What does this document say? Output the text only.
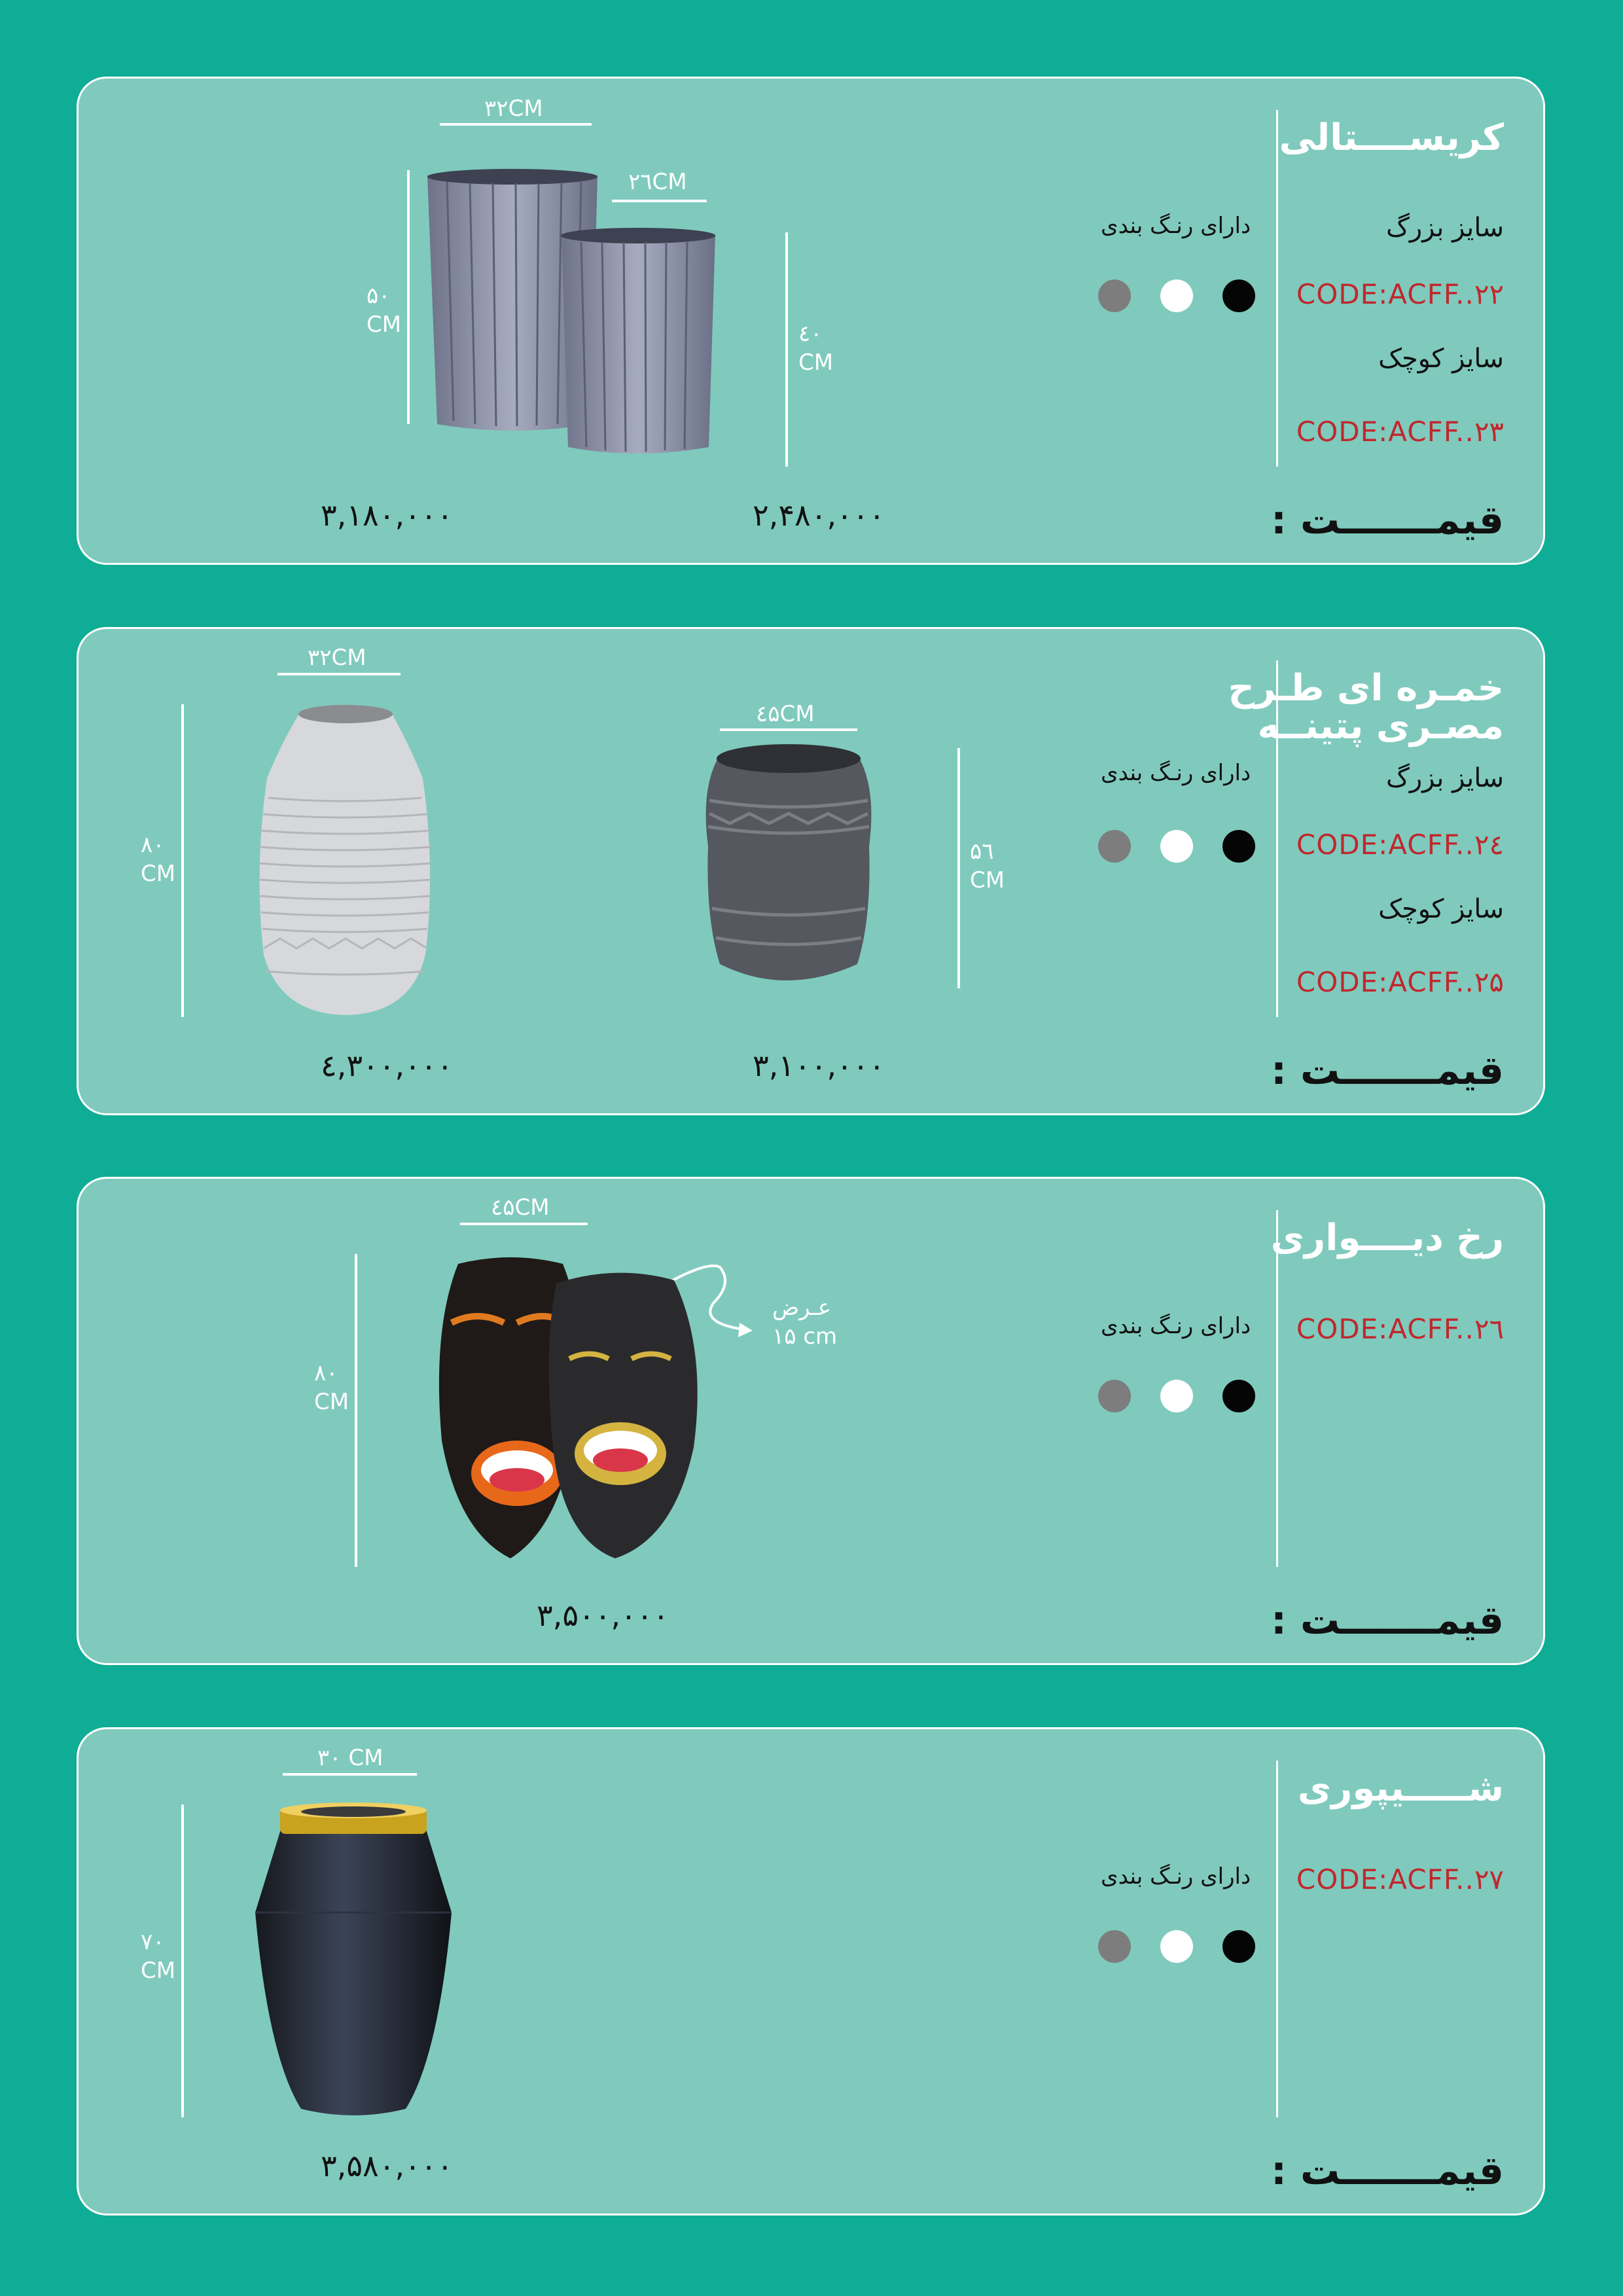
کریســــتالی
سایز بزرگ
CODE:ACFF..۲۲
سایز کوچک
CODE:ACFF..۲۳
دارای رنـگ بندی
قیمـــــــت :
۲,۴۸۰,۰۰۰
۳,۱۸۰,۰۰۰
۳۲CM
۲٦CM
۵۰
CM	٤۰
CM
خمـره ای طـرح
مصـری پتینــه
سایز بزرگ
CODE:ACFF..۲٤
سایز کوچک
CODE:ACFF..۲۵
دارای رنـگ بندی
قیمـــــــت :
۳,۱۰۰,۰۰۰
٤,۳۰۰,۰۰۰
۳۲CM
٤۵CM
۸۰
CM
۵٦
CM
رخ دیــــواری
CODE:ACFF..۲٦
دارای رنـگ بندی
قیمـــــــت :
۳,۵۰۰,۰۰۰
٤۵CM
۸۰
CM
عـرض
۱۵ cm
شـــــیپوری
CODE:ACFF..۲۷
دارای رنـگ بندی
قیمـــــــت :
۳,۵۸۰,۰۰۰
۳۰ CM
۷۰
CM
